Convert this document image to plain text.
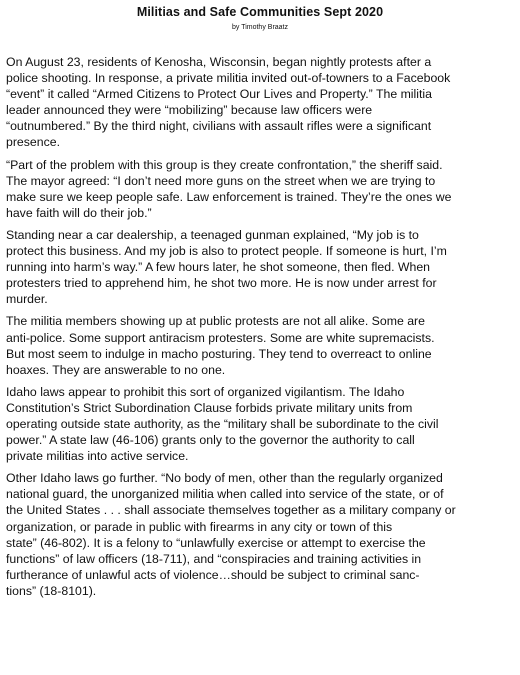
Militias and Safe Communities Sept 2020
by Timothy Braatz

On August 23, residents of Kenosha, Wisconsin, began nightly protests after a
police shooting. In response, a private militia invited out-of-towners to a Facebook
“event” it called “Armed Citizens to Protect Our Lives and Property.” The militia
leader announced they were “mobilizing” because law officers were
“outnumbered.” By the third night, civilians with assault rifles were a significant
presence.

“Part of the problem with this group is they create confrontation,” the sheriff said.
The mayor agreed: “I don’t need more guns on the street when we are trying to
make sure we keep people safe. Law enforcement is trained. They’re the ones we
have faith will do their job.”

Standing near a car dealership, a teenaged gunman explained, “My job is to
protect this business. And my job is also to protect people. If someone is hurt, I’m
running into harm’s way.” A few hours later, he shot someone, then fled. When
protesters tried to apprehend him, he shot two more. He is now under arrest for
murder.

The militia members showing up at public protests are not all alike. Some are
anti-police. Some support antiracism protesters. Some are white supremacists.
But most seem to indulge in macho posturing. They tend to overreact to online
hoaxes. They are answerable to no one.

Idaho laws appear to prohibit this sort of organized vigilantism. The Idaho
Constitution’s Strict Subordination Clause forbids private military units from
operating outside state authority, as the “military shall be subordinate to the civil
power.” A state law (46-106) grants only to the governor the authority to call
private militias into active service.

Other Idaho laws go further. “No body of men, other than the regularly organized
national guard, the unorganized militia when called into service of the state, or of
the United States . . . shall associate themselves together as a military company or
organization, or parade in public with firearms in any city or town of this
state” (46-802). It is a felony to “unlawfully exercise or attempt to exercise the
functions” of law officers (18-711), and “conspiracies and training activities in
furtherance of unlawful acts of violence…should be subject to criminal sanc-
tions” (18-8101).
